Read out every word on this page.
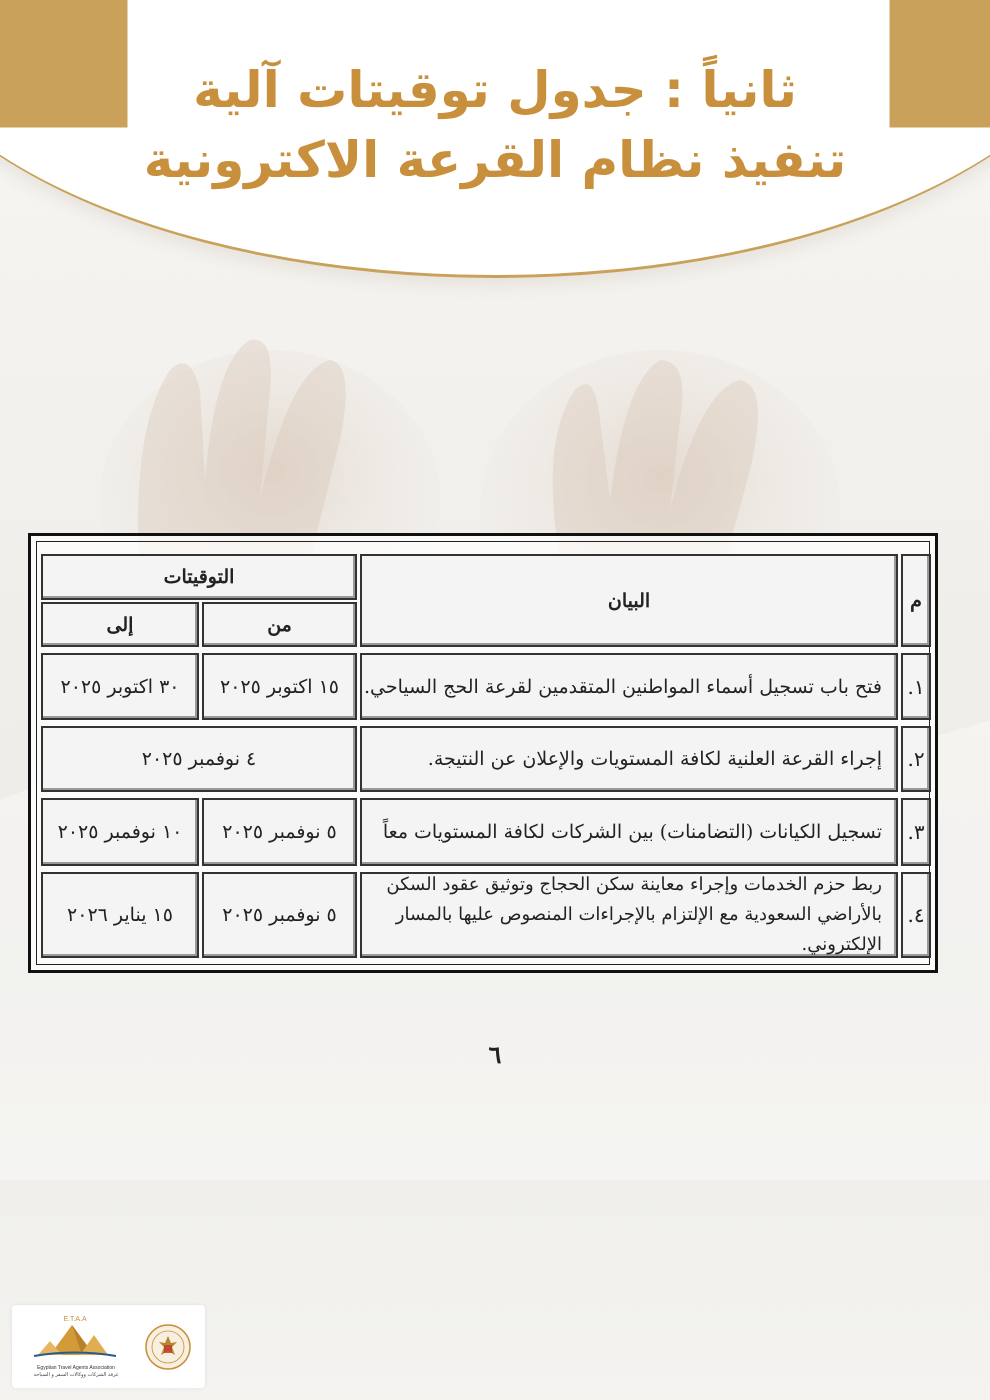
ثانياً : جدول توقيتات آلية
تنفيذ نظام القرعة الاكترونية
م
البيان
التوقيتات
من
إلى
١.
فتح باب تسجيل أسماء المواطنين المتقدمين لقرعة الحج السياحي.
١٥ اكتوبر ٢٠٢٥
٣٠ اكتوبر ٢٠٢٥
٢.
إجراء القرعة العلنية لكافة المستويات والإعلان عن النتيجة.
٤ نوفمبر ٢٠٢٥
٣.
تسجيل الكيانات (التضامنات) بين الشركات لكافة المستويات معاً
٥ نوفمبر ٢٠٢٥
١٠ نوفمبر ٢٠٢٥
٤.
ربط حزم الخدمات وإجراء معاينة سكن الحجاج وتوثيق عقود السكن
بالأراضي السعودية مع الإلتزام بالإجراءات المنصوص عليها بالمسار الإلكتروني.
٥ نوفمبر ٢٠٢٥
١٥ يناير ٢٠٢٦
٦
E.T.A.A
Egyptian Travel Agents Association
غرفة الشركات ووكالات السفر و السياحة
